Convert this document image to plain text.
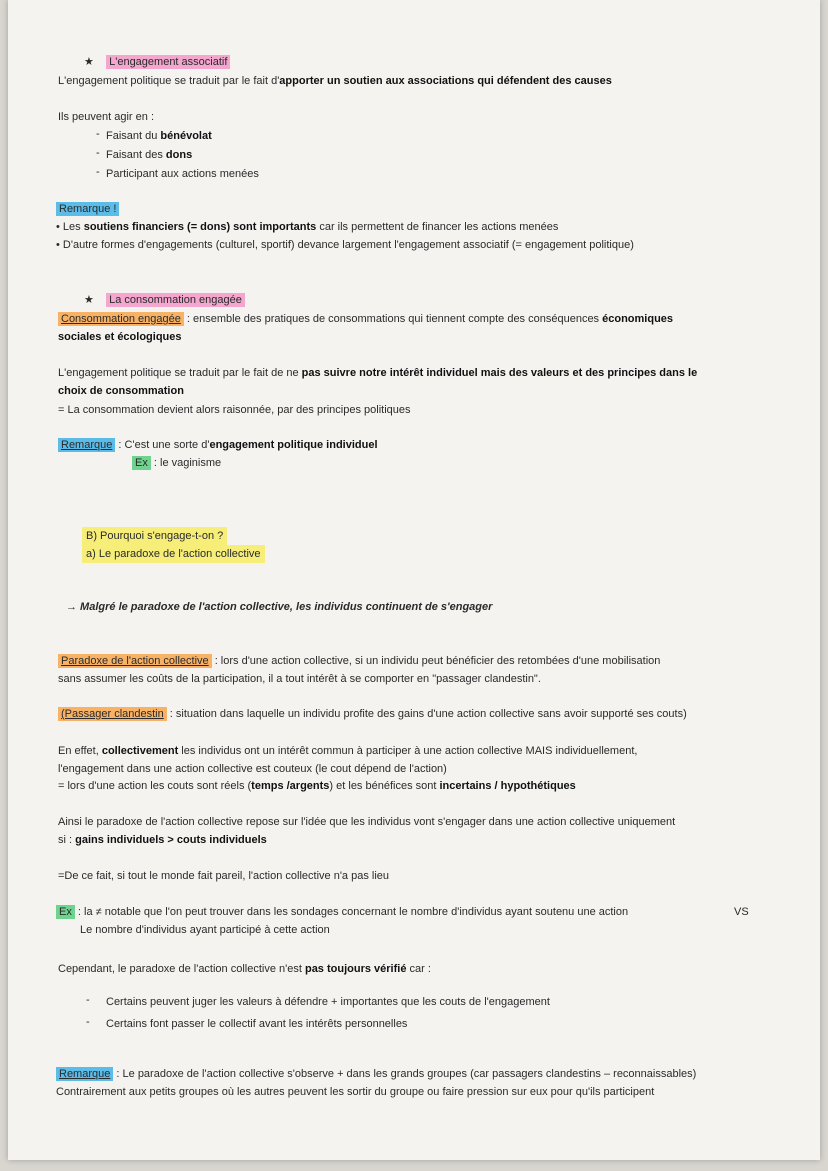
★ L'engagement associatif
L'engagement politique se traduit par le fait d'apporter un soutien aux associations qui défendent des causes
Ils peuvent agir en :
- Faisant du bénévolat
- Faisant des dons
- Participant aux actions menées
Remarque !
• Les soutiens financiers (= dons) sont importants car ils permettent de financer les actions menées
• D'autre formes d'engagements (culturel, sportif) devance largement l'engagement associatif (= engagement politique)
★ La consommation engagée
Consommation engagée : ensemble des pratiques de consommations qui tiennent compte des conséquences économiques
sociales et écologiques
L'engagement politique se traduit par le fait de ne pas suivre notre intérêt individuel mais des valeurs et des principes dans le
choix de consommation
= La consommation devient alors raisonnée, par des principes politiques
Remarque : C'est une sorte d'engagement politique individuel
Ex : le vaginisme
B) Pourquoi s'engage-t-on ?
a) Le paradoxe de l'action collective
→ Malgré le paradoxe de l'action collective, les individus continuent de s'engager
Paradoxe de l'action collective : lors d'une action collective, si un individu peut bénéficier des retombées d'une mobilisation
sans assumer les coûts de la participation, il a tout intérêt à se comporter en "passager clandestin".
(Passager clandestin : situation dans laquelle un individu profite des gains d'une action collective sans avoir supporté ses couts)
En effet, collectivement les individus ont un intérêt commun à participer à une action collective MAIS individuellement,
l'engagement dans une action collective est couteux (le cout dépend de l'action)
= lors d'une action les couts sont réels (temps /argents) et les bénéfices sont incertains / hypothétiques
Ainsi le paradoxe de l'action collective repose sur l'idée que les individus vont s'engager dans une action collective uniquement
si : gains individuels > couts individuels
=De ce fait, si tout le monde fait pareil, l'action collective n'a pas lieu
Ex : la ≠ notable que l'on peut trouver dans les sondages concernant le nombre d'individus ayant soutenu une action	VS
Le nombre d'individus ayant participé à cette action
Cependant, le paradoxe de l'action collective n'est pas toujours vérifié car :
- Certains peuvent juger les valeurs à défendre + importantes que les couts de l'engagement
- Certains font passer le collectif avant les intérêts personnelles
Remarque : Le paradoxe de l'action collective s'observe + dans les grands groupes (car passagers clandestins – reconnaissables)
Contrairement aux petits groupes où les autres peuvent les sortir du groupe ou faire pression sur eux pour qu'ils participent
